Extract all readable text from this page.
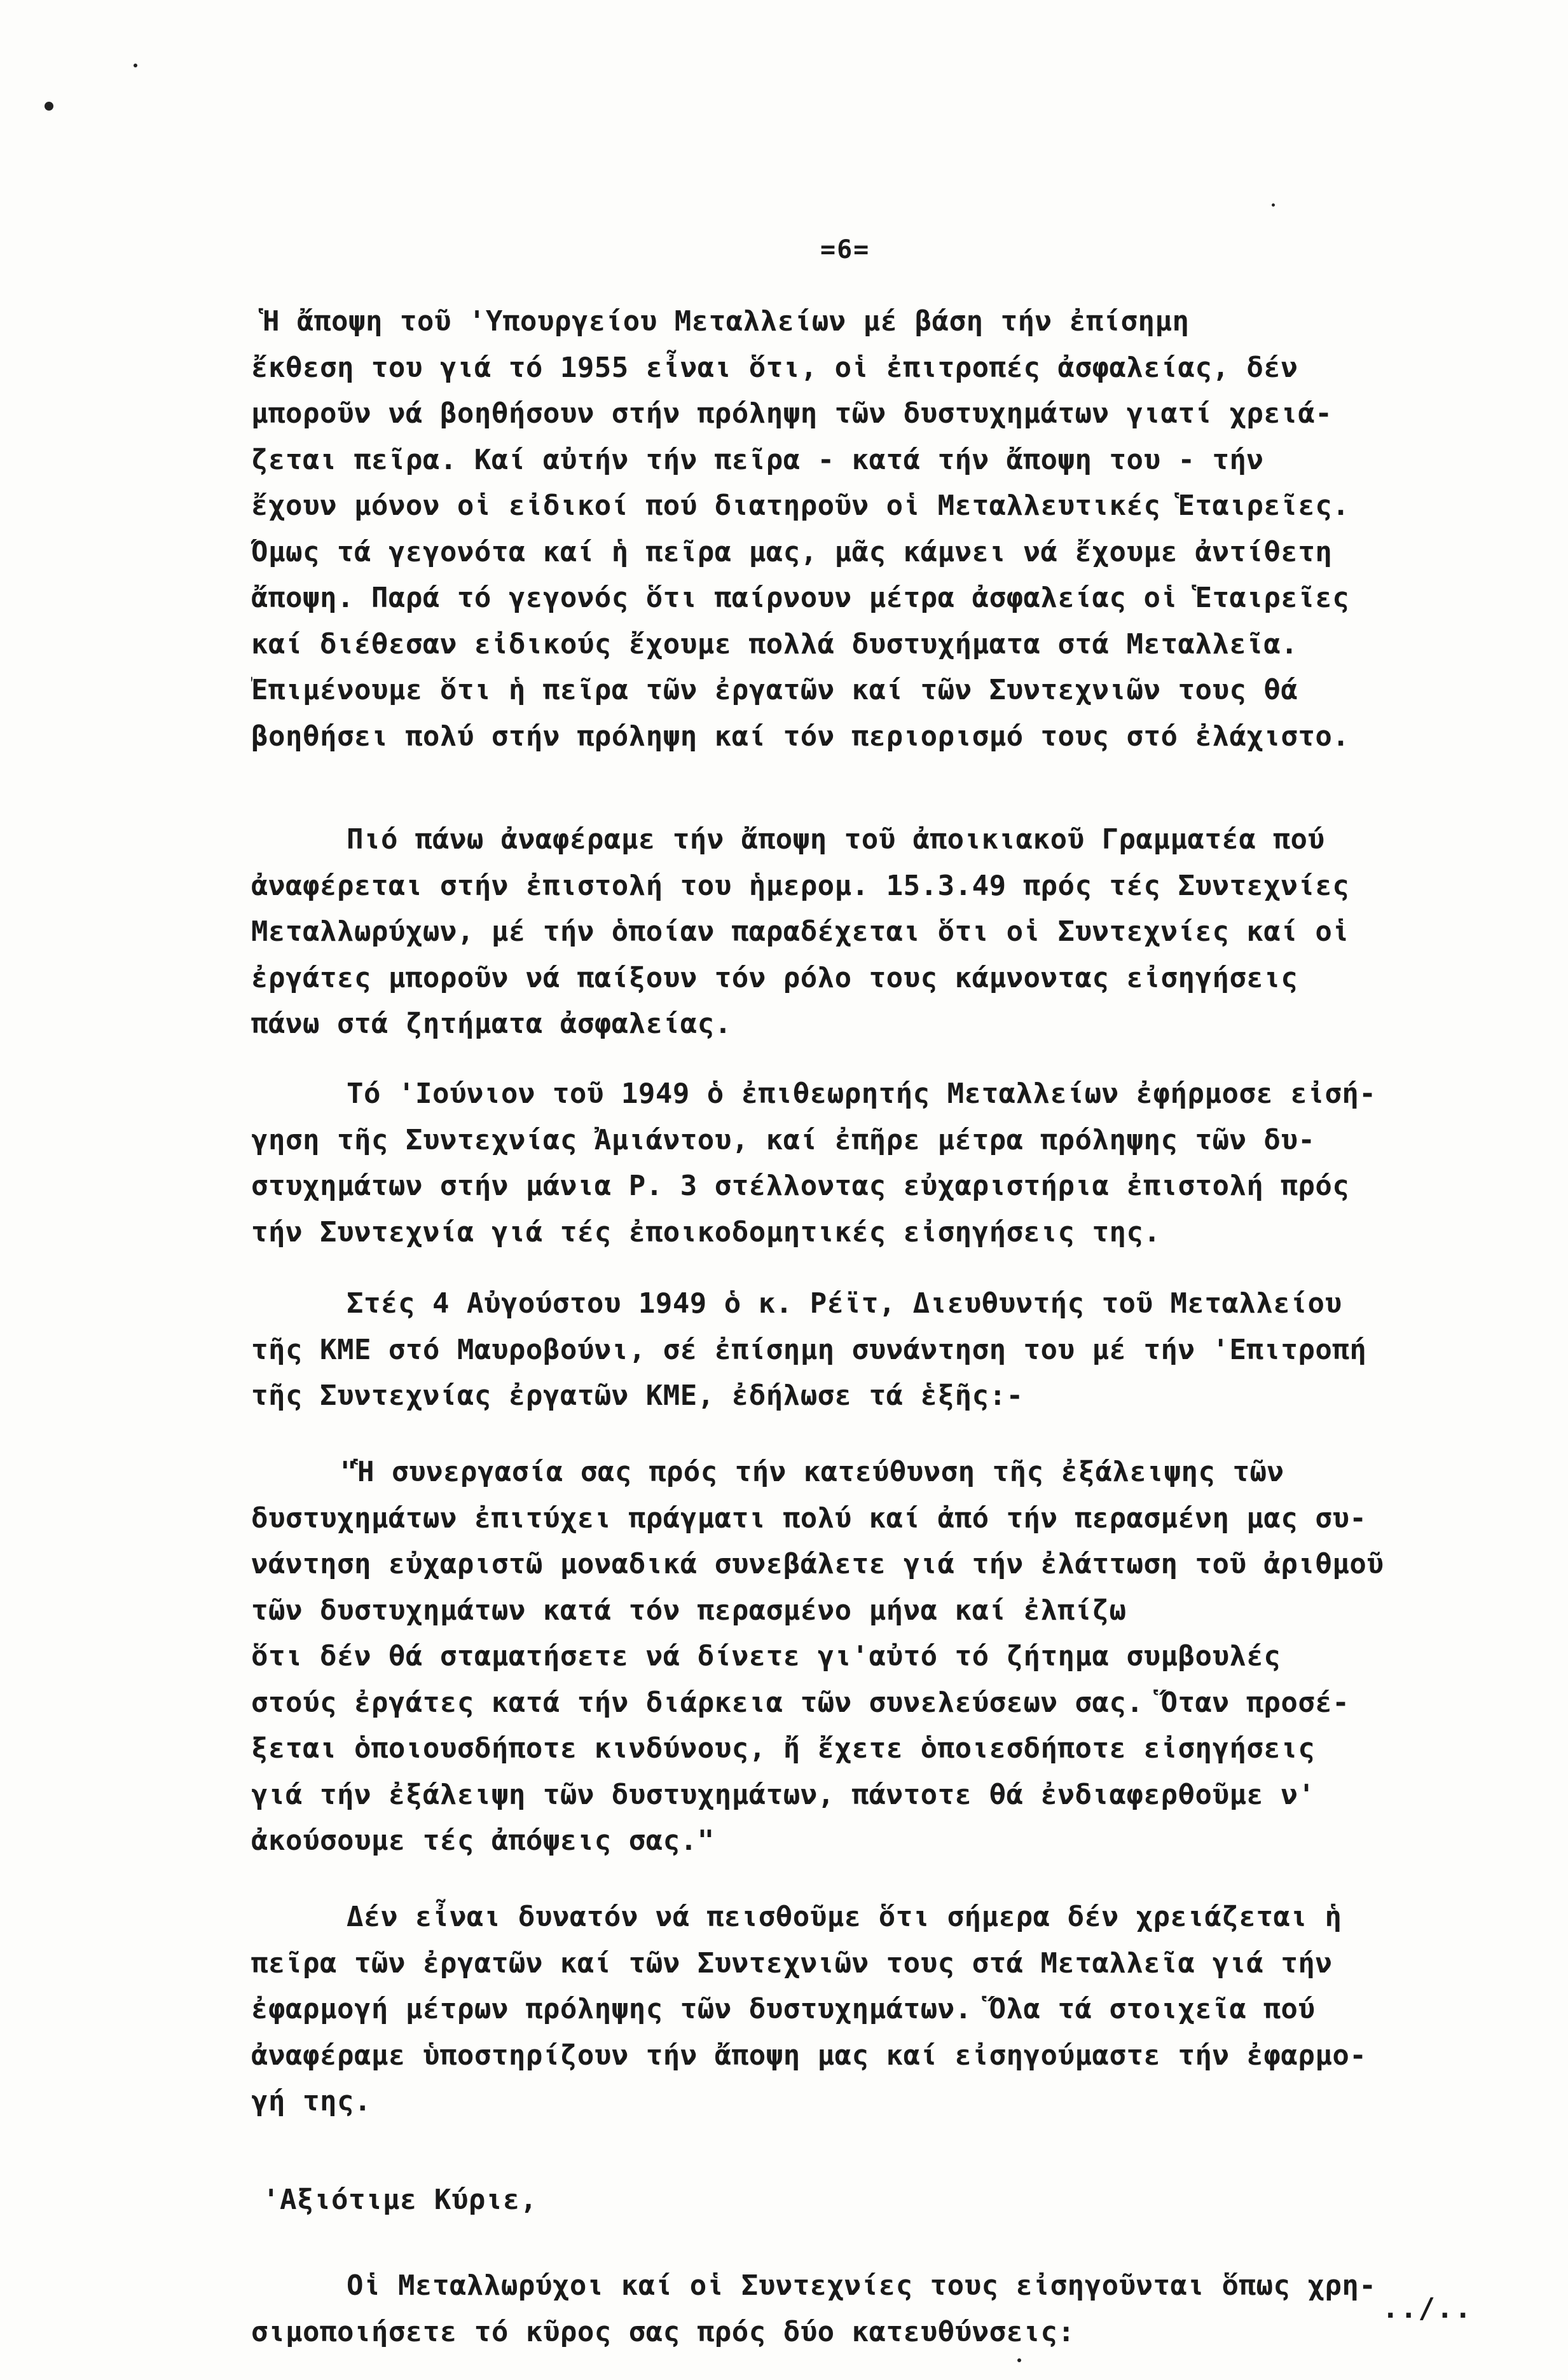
=6=
Ἡ ἄποψη τοῦ 'Υπουργείου Μεταλλείων μέ βάση τήν ἐπίσημη
ἔκθεση του γιά τό 1955 εἶναι ὅτι, οἱ ἐπιτροπές ἀσφαλείας, δέν
μποροῦν νά βοηθήσουν στήν πρόληψη τῶν δυστυχημάτων γιατί χρειά-
ζεται πεῖρα. Καί αὐτήν τήν πεῖρα - κατά τήν ἄποψη του - τήν
ἔχουν μόνον οἱ εἰδικοί πού διατηροῦν οἱ Μεταλλευτικές Ἑταιρεῖες.
Ὅμως τά γεγονότα καί ἡ πεῖρα μας, μᾶς κάμνει νά ἔχουμε ἀντίθετη
ἄποψη. Παρά τό γεγονός ὅτι παίρνουν μέτρα ἀσφαλείας οἱ Ἑταιρεῖες
καί διέθεσαν εἰδικούς ἔχουμε πολλά δυστυχήματα στά Μεταλλεῖα.
Ἐπιμένουμε ὅτι ἡ πεῖρα τῶν ἐργατῶν καί τῶν Συντεχνιῶν τους θά
βοηθήσει πολύ στήν πρόληψη καί τόν περιορισμό τους στό ἐλάχιστο.
Πιό πάνω ἀναφέραμε τήν ἄποψη τοῦ ἀποικιακοῦ Γραμματέα πού
ἀναφέρεται στήν ἐπιστολή του ἡμερομ. 15.3.49 πρός τές Συντεχνίες
Μεταλλωρύχων, μέ τήν ὁποίαν παραδέχεται ὅτι οἱ Συντεχνίες καί οἱ
ἐργάτες μποροῦν νά παίξουν τόν ρόλο τους κάμνοντας εἰσηγήσεις
πάνω στά ζητήματα ἀσφαλείας.
Τό 'Ιούνιον τοῦ 1949 ὁ ἐπιθεωρητής Μεταλλείων ἐφήρμοσε εἰσή-
γηση τῆς Συντεχνίας Ἀμιάντου, καί ἐπῆρε μέτρα πρόληψης τῶν δυ-
στυχημάτων στήν μάνια Ρ. 3 στέλλοντας εὐχαριστήρια ἐπιστολή πρός
τήν Συντεχνία γιά τές ἐποικοδομητικές εἰσηγήσεις της.
Στές 4 Αὐγούστου 1949 ὁ κ. Ρέϊτ, Διευθυντής τοῦ Μεταλλείου
τῆς ΚΜΕ στό Μαυροβούνι, σέ ἐπίσημη συνάντηση του μέ τήν 'Επιτροπή
τῆς Συντεχνίας ἐργατῶν ΚΜΕ, ἐδήλωσε τά ἑξῆς:-
"Ἡ συνεργασία σας πρός τήν κατεύθυνση τῆς ἐξάλειψης τῶν
δυστυχημάτων ἐπιτύχει πράγματι πολύ καί ἀπό τήν περασμένη μας συ-
νάντηση εὐχαριστῶ μοναδικά συνεβάλετε γιά τήν ἐλάττωση τοῦ ἀριθμοῦ
τῶν δυστυχημάτων κατά τόν περασμένο μήνα καί ἐλπίζω
ὅτι δέν θά σταματήσετε νά δίνετε γι'αὐτό τό ζήτημα συμβουλές
στούς ἐργάτες κατά τήν διάρκεια τῶν συνελεύσεων σας. Ὅταν προσέ-
ξεται ὁποιουσδήποτε κινδύνους, ἤ ἔχετε ὁποιεσδήποτε εἰσηγήσεις
γιά τήν ἐξάλειψη τῶν δυστυχημάτων, πάντοτε θά ἐνδιαφερθοῦμε ν'
ἀκούσουμε τές ἀπόψεις σας."
Δέν εἶναι δυνατόν νά πεισθοῦμε ὅτι σήμερα δέν χρειάζεται ἡ
πεῖρα τῶν ἐργατῶν καί τῶν Συντεχνιῶν τους στά Μεταλλεῖα γιά τήν
ἐφαρμογή μέτρων πρόληψης τῶν δυστυχημάτων. Ὅλα τά στοιχεῖα πού
ἀναφέραμε ὑποστηρίζουν τήν ἄποψη μας καί εἰσηγούμαστε τήν ἐφαρμο-
γή της.
'Αξιότιμε Κύριε,
Οἱ Μεταλλωρύχοι καί οἱ Συντεχνίες τους εἰσηγοῦνται ὅπως χρη-
σιμοποιήσετε τό κῦρος σας πρός δύο κατευθύνσεις:
../..
